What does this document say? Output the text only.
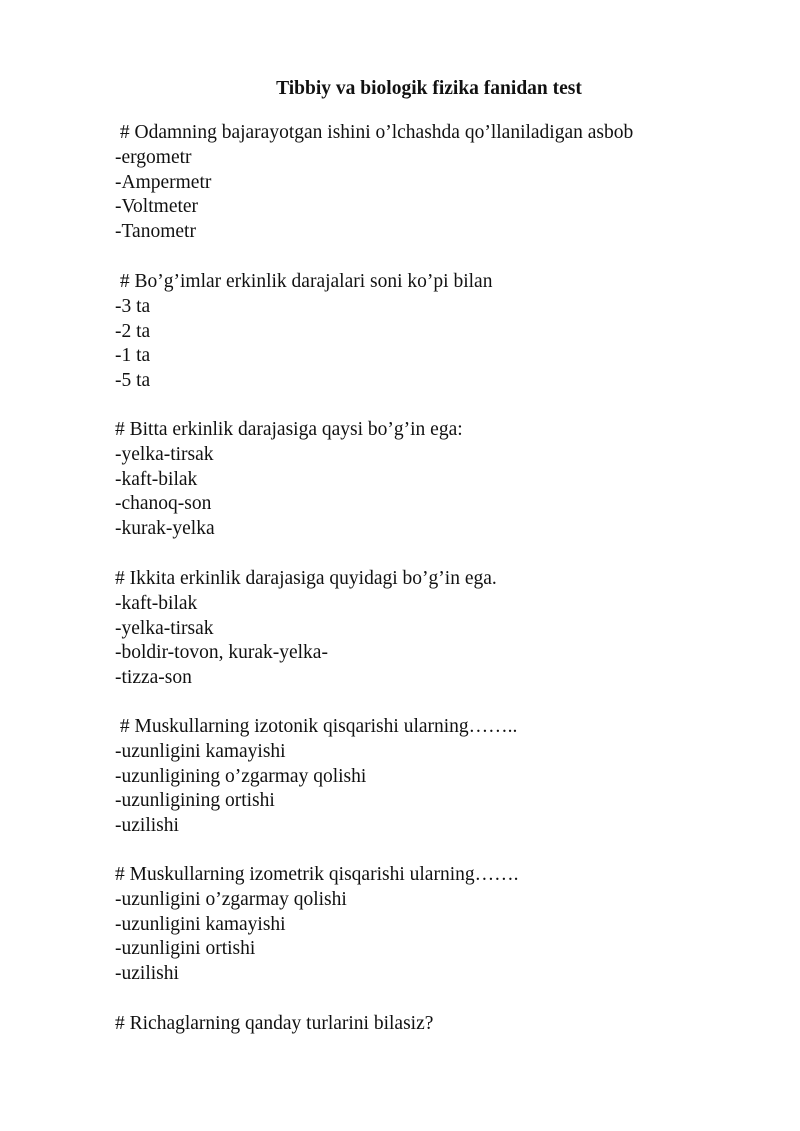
Tibbiy va biologik fizika fanidan test
# Odamning bajarayotgan ishini o’lchashda qo’llaniladigan asbob
-ergometr
-Ampermetr
-Voltmeter
-Tanometr
# Bo’g’imlar erkinlik darajalari soni ko’pi bilan
-3 ta
-2 ta
-1 ta
-5 ta
# Bitta erkinlik darajasiga qaysi bo’g’in ega:
-yelka-tirsak
-kaft-bilak
-chanoq-son
-kurak-yelka
# Ikkita erkinlik darajasiga quyidagi bo’g’in ega.
-kaft-bilak
-yelka-tirsak
-boldir-tovon, kurak-yelka-
-tizza-son
# Muskullarning izotonik qisqarishi ularning……..
-uzunligini kamayishi
-uzunligining o’zgarmay qolishi
-uzunligining ortishi
-uzilishi
# Muskullarning izometrik qisqarishi ularning…….
-uzunligini o’zgarmay qolishi
-uzunligini kamayishi
-uzunligini ortishi
-uzilishi
# Richaglarning qanday turlarini bilasiz?
